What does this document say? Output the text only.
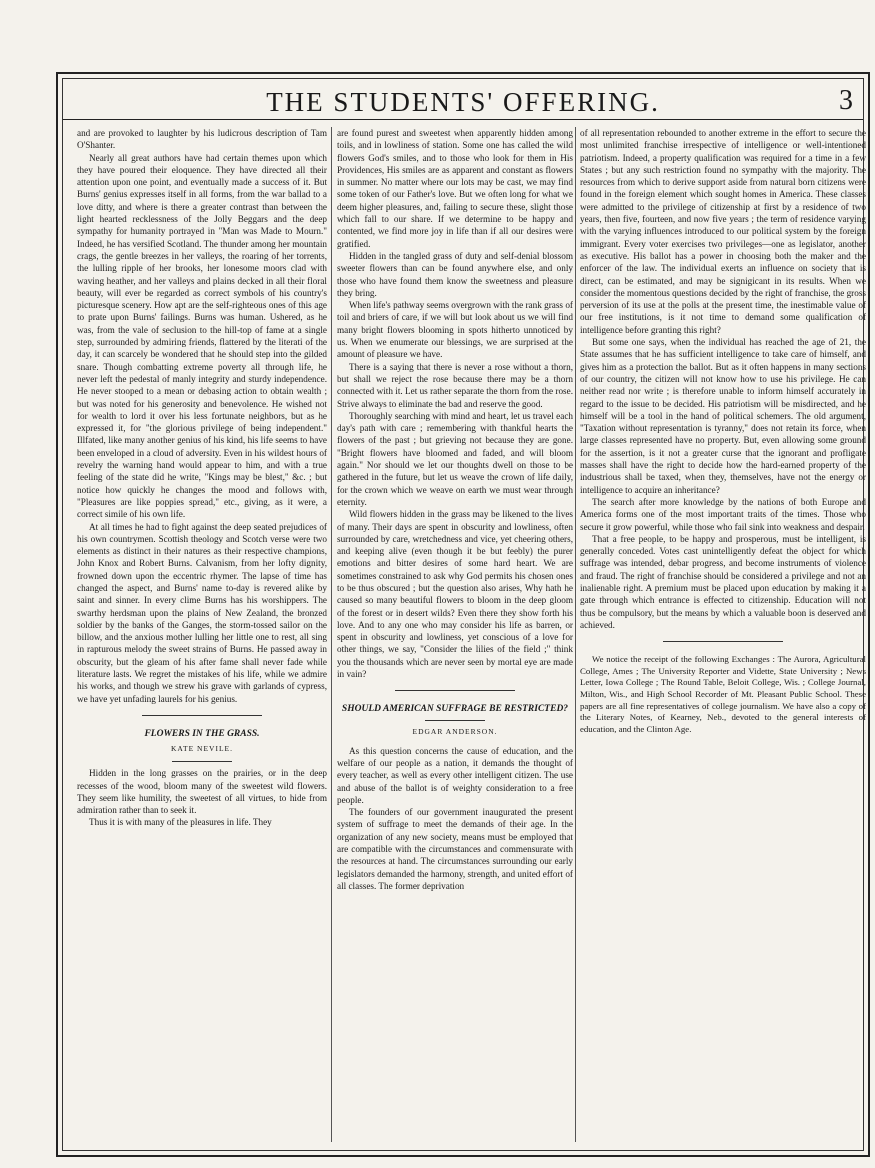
THE STUDENTS' OFFERING.	3

and are provoked to laughter by his ludicrous description of Tam O'Shanter.

Nearly all great authors have had certain themes upon which they have poured their eloquence. They have directed all their attention upon one point, and eventually made a success of it. But Burns' genius expresses itself in all forms, from the war ballad to a love ditty, and where is there a greater contrast than between the light hearted recklessness of the Jolly Beggars and the deep sympathy for humanity portrayed in "Man was Made to Mourn." Indeed, he has versified Scotland. The thunder among her mountain crags, the gentle breezes in her valleys, the roaring of her torrents, the lulling ripple of her brooks, her lonesome moors clad with waving heather, and her valleys and plains decked in all their floral beauty, will ever be regarded as correct symbols of his country's picturesque scenery. How apt are the self-righteous ones of this age to prate upon Burns' failings. Burns was human. Ushered, as he was, from the vale of seclusion to the hill-top of fame at a single step, surrounded by admiring friends, flattered by the literati of the day, it can scarcely be wondered that he should step into the gilded snare. Though combatting extreme poverty all through life, he never left the pedestal of manly integrity and sturdy independence. He never stooped to a mean or debasing action to obtain wealth ; but was noted for his generosity and benevolence. He wished not for wealth to lord it over his less fortunate neighbors, but as he expressed it, for "the glorious privilege of being independent." Illfated, like many another genius of his kind, his life seems to have been enveloped in a cloud of adversity. Even in his wildest hours of revelry the warning hand would appear to him, and with a true feeling of the state did he write, "Kings may be blest," &c. ; but notice how quickly he changes the mood and follows with, "Pleasures are like poppies spread," etc., giving, as it were, a correct simile of his own life.

At all times he had to fight against the deep seated prejudices of his own countrymen. Scottish theology and Scotch verse were two elements as distinct in their natures as their respective champions, John Knox and Robert Burns. Calvanism, from her lofty dignity, frowned down upon the eccentric rhymer. The lapse of time has changed the aspect, and Burns' name to-day is revered alike by saint and sinner. In every clime Burns has his worshippers. The swarthy herdsman upon the plains of New Zealand, the bronzed soldier by the banks of the Ganges, the storm-tossed sailor on the billow, and the anxious mother lulling her little one to rest, all sing in rapturous melody the sweet strains of Burns. He passed away in obscurity, but the gleam of his after fame shall never fade while literature lasts. We regret the mistakes of his life, while we admire his works, and though we strew his grave with garlands of cypress, we have yet unfading laurels for his genius.

FLOWERS IN THE GRASS.
KATE NEVILE.

Hidden in the long grasses on the prairies, or in the deep recesses of the wood, bloom many of the sweetest wild flowers. They seem like humility, the sweetest of all virtues, to hide from admiration rather than to seek it.

Thus it is with many of the pleasures in life. They

are found purest and sweetest when apparently hidden among toils, and in lowliness of station. Some one has called the wild flowers God's smiles, and to those who look for them in His Providences, His smiles are as apparent and constant as flowers in summer. No matter where our lots may be cast, we may find some token of our Father's love. But we often long for what we deem higher pleasures, and, failing to secure these, slight those which fall to our share. If we determine to be happy and contented, we find more joy in life than if all our desires were gratified.

Hidden in the tangled grass of duty and self-denial blossom sweeter flowers than can be found anywhere else, and only those who have found them know the sweetness and pleasure they bring.

When life's pathway seems overgrown with the rank grass of toil and briers of care, if we will but look about us we will find many bright flowers blooming in spots hitherto unnoticed by us. When we enumerate our blessings, we are surprised at the amount of pleasure we have.

There is a saying that there is never a rose without a thorn, but shall we reject the rose because there may be a thorn connected with it. Let us rather separate the thorn from the rose. Strive always to eliminate the bad and reserve the good.

Thoroughly searching with mind and heart, let us travel each day's path with care ; remembering with thankful hearts the flowers of the past ; but grieving not because they are gone. "Bright flowers have bloomed and faded, and will bloom again." Nor should we let our thoughts dwell on those to be gathered in the future, but let us weave the crown of life daily, for the crown which we weave on earth we must wear through eternity.

Wild flowers hidden in the grass may be likened to the lives of many. Their days are spent in obscurity and lowliness, often surrounded by care, wretchedness and vice, yet cheering others, and keeping alive (even though it be but feebly) the purer emotions and bitter desires of some hard heart. We are sometimes constrained to ask why God permits his chosen ones to be thus obscured ; but the question also arises, Why hath he caused so many beautiful flowers to bloom in the deep gloom of the forest or in desert wilds? Even there they show forth his love. And to any one who may consider his life as barren, or spent in obscurity and lowliness, yet conscious of a love for other things, we say, "Consider the lilies of the field ;" think you the thousands which are never seen by mortal eye are made in vain?

SHOULD AMERICAN SUFFRAGE BE RESTRICTED?
EDGAR ANDERSON.

As this question concerns the cause of education, and the welfare of our people as a nation, it demands the thought of every teacher, as well as every other intelligent citizen. The use and abuse of the ballot is of weighty consideration to a free people.

The founders of our government inaugurated the present system of suffrage to meet the demands of their age. In the organization of any new society, means must be employed that are compatible with the circumstances and commensurate with the resources at hand. The circumstances surrounding our early legislators demanded the harmony, strength, and united effort of all classes. The former deprivation

of all representation rebounded to another extreme in the effort to secure the most unlimited franchise irrespective of intelligence or well-intentioned patriotism. Indeed, a property qualification was required for a time in a few States ; but any such restriction found no sympathy with the majority. The resources from which to derive support aside from natural born citizens were found in the foreign element which sought homes in America. These classes were admitted to the privilege of citizenship at first by a residence of two years, then five, fourteen, and now five years ; the term of residence varying with the varying influences introduced to our political system by the foreign immigrant. Every voter exercises two privileges—one as legislator, another as executive. His ballot has a power in choosing both the maker and the enforcer of the law. The individual exerts an influence on society that is direct, can be estimated, and may be signigicant in its results. When we consider the momentous questions decided by the right of franchise, the gross perversion of its use at the polls at the present time, the inestimable value of our free institutions, is it not time to demand some qualification of intelligence before granting this right?

But some one says, when the individual has reached the age of 21, the State assumes that he has sufficient intelligence to take care of himself, and gives him as a protection the ballot. But as it often happens in many sections of our country, the citizen will not know how to use his privilege. He can neither read nor write ; is therefore unable to inform himself accurately in regard to the issue to be decided. His patriotism will be misdirected, and he himself will be a tool in the hand of political schemers. The old argument, "Taxation without representation is tyranny," does not retain its force, when large classes represented have no property. But, even allowing some ground for the assertion, is it not a greater curse that the ignorant and profligate masses shall have the right to decide how the hard-earned property of the industrious shall be taxed, when they, themselves, have not the energy or intelligence to acquire an inheritance?

The search after more knowledge by the nations of both Europe and America forms one of the most important traits of the times. Those who secure it grow powerful, while those who fail sink into weakness and despair.

That a free people, to be happy and prosperous, must be intelligent, is generally conceded. Votes cast unintelligently defeat the object for which suffrage was intended, debar progress, and become instruments of violence and fraud. The right of franchise should be considered a privilege and not an inalienable right. A premium must be placed upon education by making it a gate through which entrance is effected to citizenship. Education will not thus be compulsory, but the means by which a valuable boon is deserved and achieved.

We notice the receipt of the following Exchanges : The Aurora, Agricultural College, Ames ; The University Reporter and Vidette, State University ; News Letter, Iowa College ; The Round Table, Beloit College, Wis. ; College Journal, Milton, Wis., and High School Recorder of Mt. Pleasant Public School. These papers are all fine representatives of college journalism. We have also a copy of the Literary Notes, of Kearney, Neb., devoted to the general interests of education, and the Clinton Age.
